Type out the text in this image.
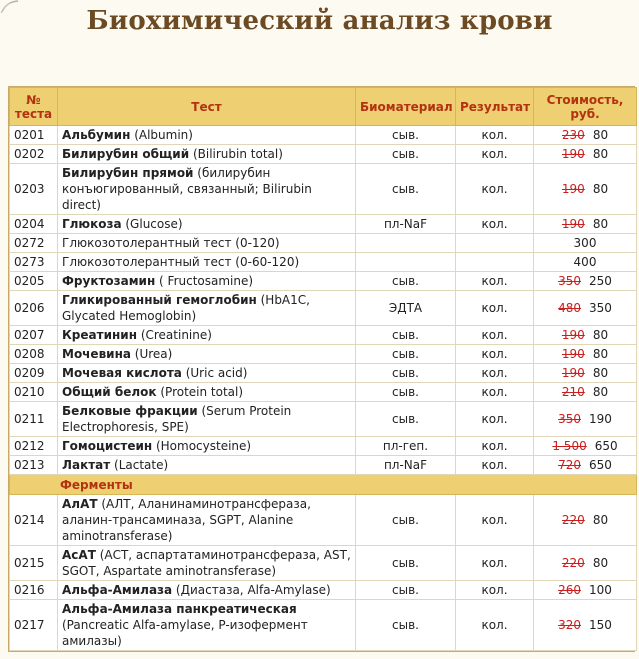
Биохимический анализ крови
№ теста	Тест	Биоматериал	Результат	Стоимость, руб.
0201	Альбумин (Albumin)	сыв.	кол.	230 80
0202	Билирубин общий (Bilirubin total)	сыв.	кол.	190 80
0203	Билирубин прямой (билирубин конъюгированный, связанный; Bilirubin direct)	сыв.	кол.	190 80
0204	Глюкоза (Glucose)	пл-NaF	кол.	190 80
0272	Глюкозотолерантный тест (0-120)			300
0273	Глюкозотолерантный тест (0-60-120)			400
0205	Фруктозамин ( Fructosamine)	сыв.	кол.	350 250
0206	Гликированный гемоглобин (HbA1C, Glycated Hemoglobin)	ЭДТА	кол.	480 350
0207	Креатинин (Creatinine)	сыв.	кол.	190 80
0208	Мочевина (Urea)	сыв.	кол.	190 80
0209	Мочевая кислота (Uric acid)	сыв.	кол.	190 80
0210	Общий белок (Protein total)	сыв.	кол.	210 80
0211	Белковые фракции (Serum Protein Electrophoresis, SPE)	сыв.	кол.	350 190
0212	Гомоцистеин (Homocysteine)	пл-геп.	кол.	1 500 650
0213	Лактат (Lactate)	пл-NaF	кол.	720 650
Ферменты				
0214	АлАТ (АЛТ, Аланинаминотрансфераза, аланин-трансаминаза, SGPT, Alanine aminotransferase)	сыв.	кол.	220 80
0215	АсАТ (АСТ, аспартатаминотрансфераза, AST, SGOT, Aspartate aminotransferase)	сыв.	кол.	220 80
0216	Альфа-Амилаза (Диастаза, Alfa-Amylase)	сыв.	кол.	260 100
0217	Альфа-Амилаза панкреатическая (Pancreatic Alfa-amylase, P-изофермент амилазы)	сыв.	кол.	320 150
